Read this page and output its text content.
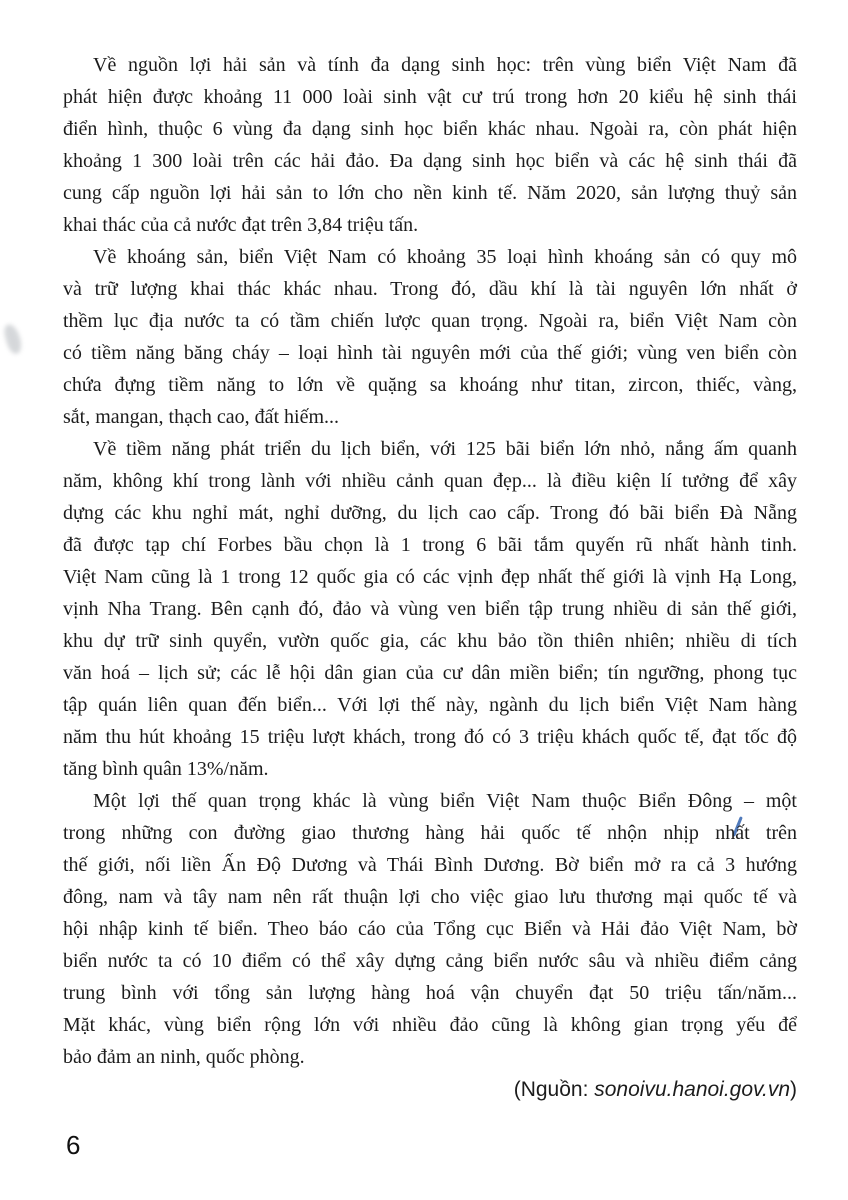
Về nguồn lợi hải sản và tính đa dạng sinh học: trên vùng biển Việt Nam đã
phát hiện được khoảng 11 000 loài sinh vật cư trú trong hơn 20 kiểu hệ sinh thái
điển hình, thuộc 6 vùng đa dạng sinh học biển khác nhau. Ngoài ra, còn phát hiện
khoảng 1 300 loài trên các hải đảo. Đa dạng sinh học biển và các hệ sinh thái đã
cung cấp nguồn lợi hải sản to lớn cho nền kinh tế. Năm 2020, sản lượng thuỷ sản
khai thác của cả nước đạt trên 3,84 triệu tấn.
Về khoáng sản, biển Việt Nam có khoảng 35 loại hình khoáng sản có quy mô
và trữ lượng khai thác khác nhau. Trong đó, dầu khí là tài nguyên lớn nhất ở
thềm lục địa nước ta có tầm chiến lược quan trọng. Ngoài ra, biển Việt Nam còn
có tiềm năng băng cháy – loại hình tài nguyên mới của thế giới; vùng ven biển còn
chứa đựng tiềm năng to lớn về quặng sa khoáng như titan, zircon, thiếc, vàng,
sắt, mangan, thạch cao, đất hiếm...
Về tiềm năng phát triển du lịch biển, với 125 bãi biển lớn nhỏ, nắng ấm quanh
năm, không khí trong lành với nhiều cảnh quan đẹp... là điều kiện lí tưởng để xây
dựng các khu nghỉ mát, nghỉ dưỡng, du lịch cao cấp. Trong đó bãi biển Đà Nẵng
đã được tạp chí Forbes bầu chọn là 1 trong 6 bãi tắm quyến rũ nhất hành tinh.
Việt Nam cũng là 1 trong 12 quốc gia có các vịnh đẹp nhất thế giới là vịnh Hạ Long,
vịnh Nha Trang. Bên cạnh đó, đảo và vùng ven biển tập trung nhiều di sản thế giới,
khu dự trữ sinh quyển, vườn quốc gia, các khu bảo tồn thiên nhiên; nhiều di tích
văn hoá – lịch sử; các lễ hội dân gian của cư dân miền biển; tín ngưỡng, phong tục
tập quán liên quan đến biển... Với lợi thế này, ngành du lịch biển Việt Nam hàng
năm thu hút khoảng 15 triệu lượt khách, trong đó có 3 triệu khách quốc tế, đạt tốc độ
tăng bình quân 13%/năm.
Một lợi thế quan trọng khác là vùng biển Việt Nam thuộc Biển Đông – một
trong những con đường giao thương hàng hải quốc tế nhộn nhịp nhất trên
thế giới, nối liền Ấn Độ Dương và Thái Bình Dương. Bờ biển mở ra cả 3 hướng
đông, nam và tây nam nên rất thuận lợi cho việc giao lưu thương mại quốc tế và
hội nhập kinh tế biển. Theo báo cáo của Tổng cục Biển và Hải đảo Việt Nam, bờ
biển nước ta có 10 điểm có thể xây dựng cảng biển nước sâu và nhiều điểm cảng
trung bình với tổng sản lượng hàng hoá vận chuyển đạt 50 triệu tấn/năm...
Mặt khác, vùng biển rộng lớn với nhiều đảo cũng là không gian trọng yếu để
bảo đảm an ninh, quốc phòng.
(Nguồn: sonoivu.hanoi.gov.vn)
6
